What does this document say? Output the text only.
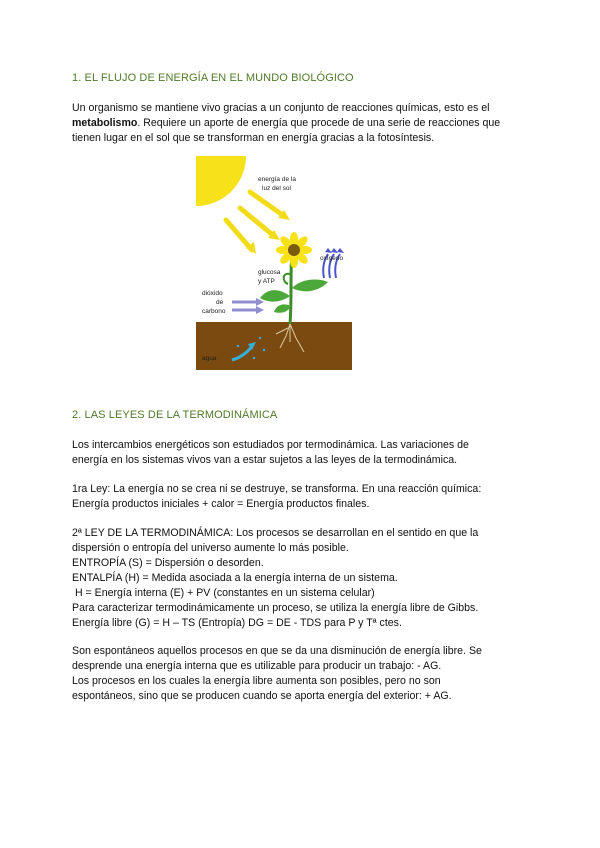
1. EL FLUJO DE ENERGÍA EN EL MUNDO BIOLÓGICO

Un organismo se mantiene vivo gracias a un conjunto de reacciones químicas, esto es el
metabolismo. Requiere un aporte de energía que procede de una serie de reacciones que
tienen lugar en el sol que se transforman en energía gracias a la fotosíntesis.

energía de la
luz del sol
oxígeno
glucosa
y ATP
dióxido
de
carbono
agua
2. LAS LEYES DE LA TERMODINÁMICA

Los intercambios energéticos son estudiados por termodinámica. Las variaciones de
energía en los sistemas vivos van a estar sujetos a las leyes de la termodinámica.

1ra Ley: La energía no se crea ni se destruye, se transforma. En una reacción química:
Energía productos iniciales + calor = Energía productos finales.

2ª LEY DE LA TERMODINÁMICA: Los procesos se desarrollan en el sentido en que la
dispersión o entropía del universo aumente lo más posible.
ENTROPÍA (S) = Dispersión o desorden.
ENTALPÍA (H) = Medida asociada a la energía interna de un sistema.
H = Energía interna (E) + PV (constantes en un sistema celular)
Para caracterizar termodinámicamente un proceso, se utiliza la energía libre de Gibbs.
Energía libre (G) = H – TS (Entropía) DG = DE - TDS para P y Tª ctes.

Son espontáneos aquellos procesos en que se da una disminución de energía libre. Se
desprende una energía interna que es utilizable para producir un trabajo: - AG.
Los procesos en los cuales la energía libre aumenta son posibles, pero no son
espontáneos, sino que se producen cuando se aporta energía del exterior: + AG.
